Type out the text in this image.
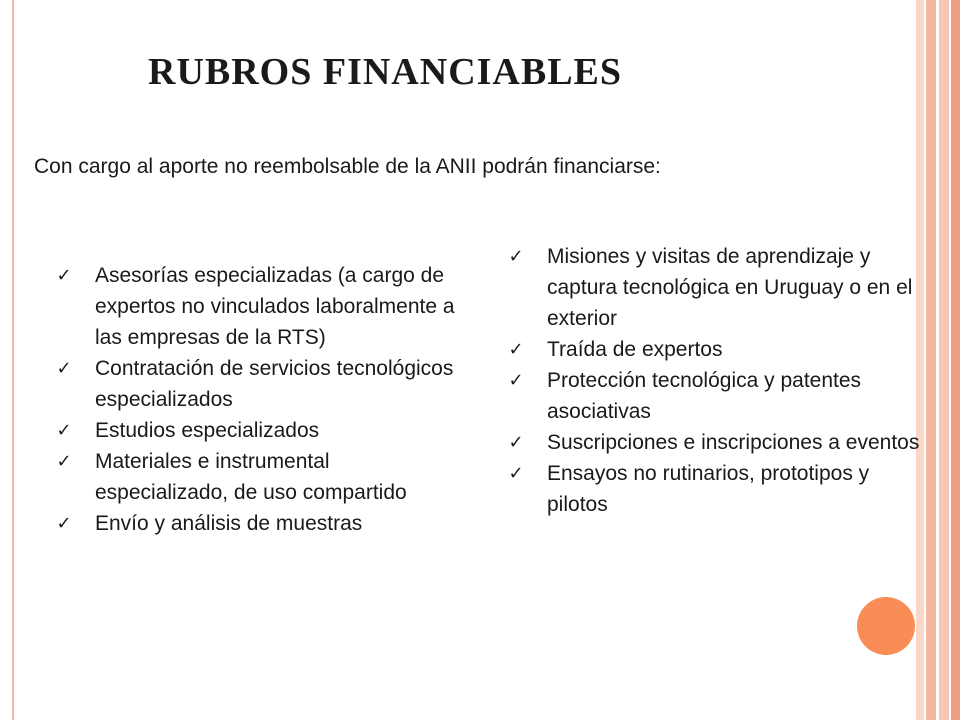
RUBROS FINANCIABLES
Con cargo al aporte no reembolsable de la ANII podrán financiarse:
✓	Asesorías especializadas (a cargo de expertos no vinculados laboralmente a las empresas de la RTS)
✓	Contratación de servicios tecnológicos especializados
✓	Estudios especializados
✓	Materiales e instrumental especializado, de uso compartido
✓	Envío y análisis de muestras
✓	Misiones y visitas de aprendizaje y captura tecnológica en Uruguay o en el exterior
✓	Traída de expertos
✓	Protección tecnológica y patentes asociativas
✓	Suscripciones e inscripciones a eventos
✓	Ensayos no rutinarios, prototipos y pilotos
